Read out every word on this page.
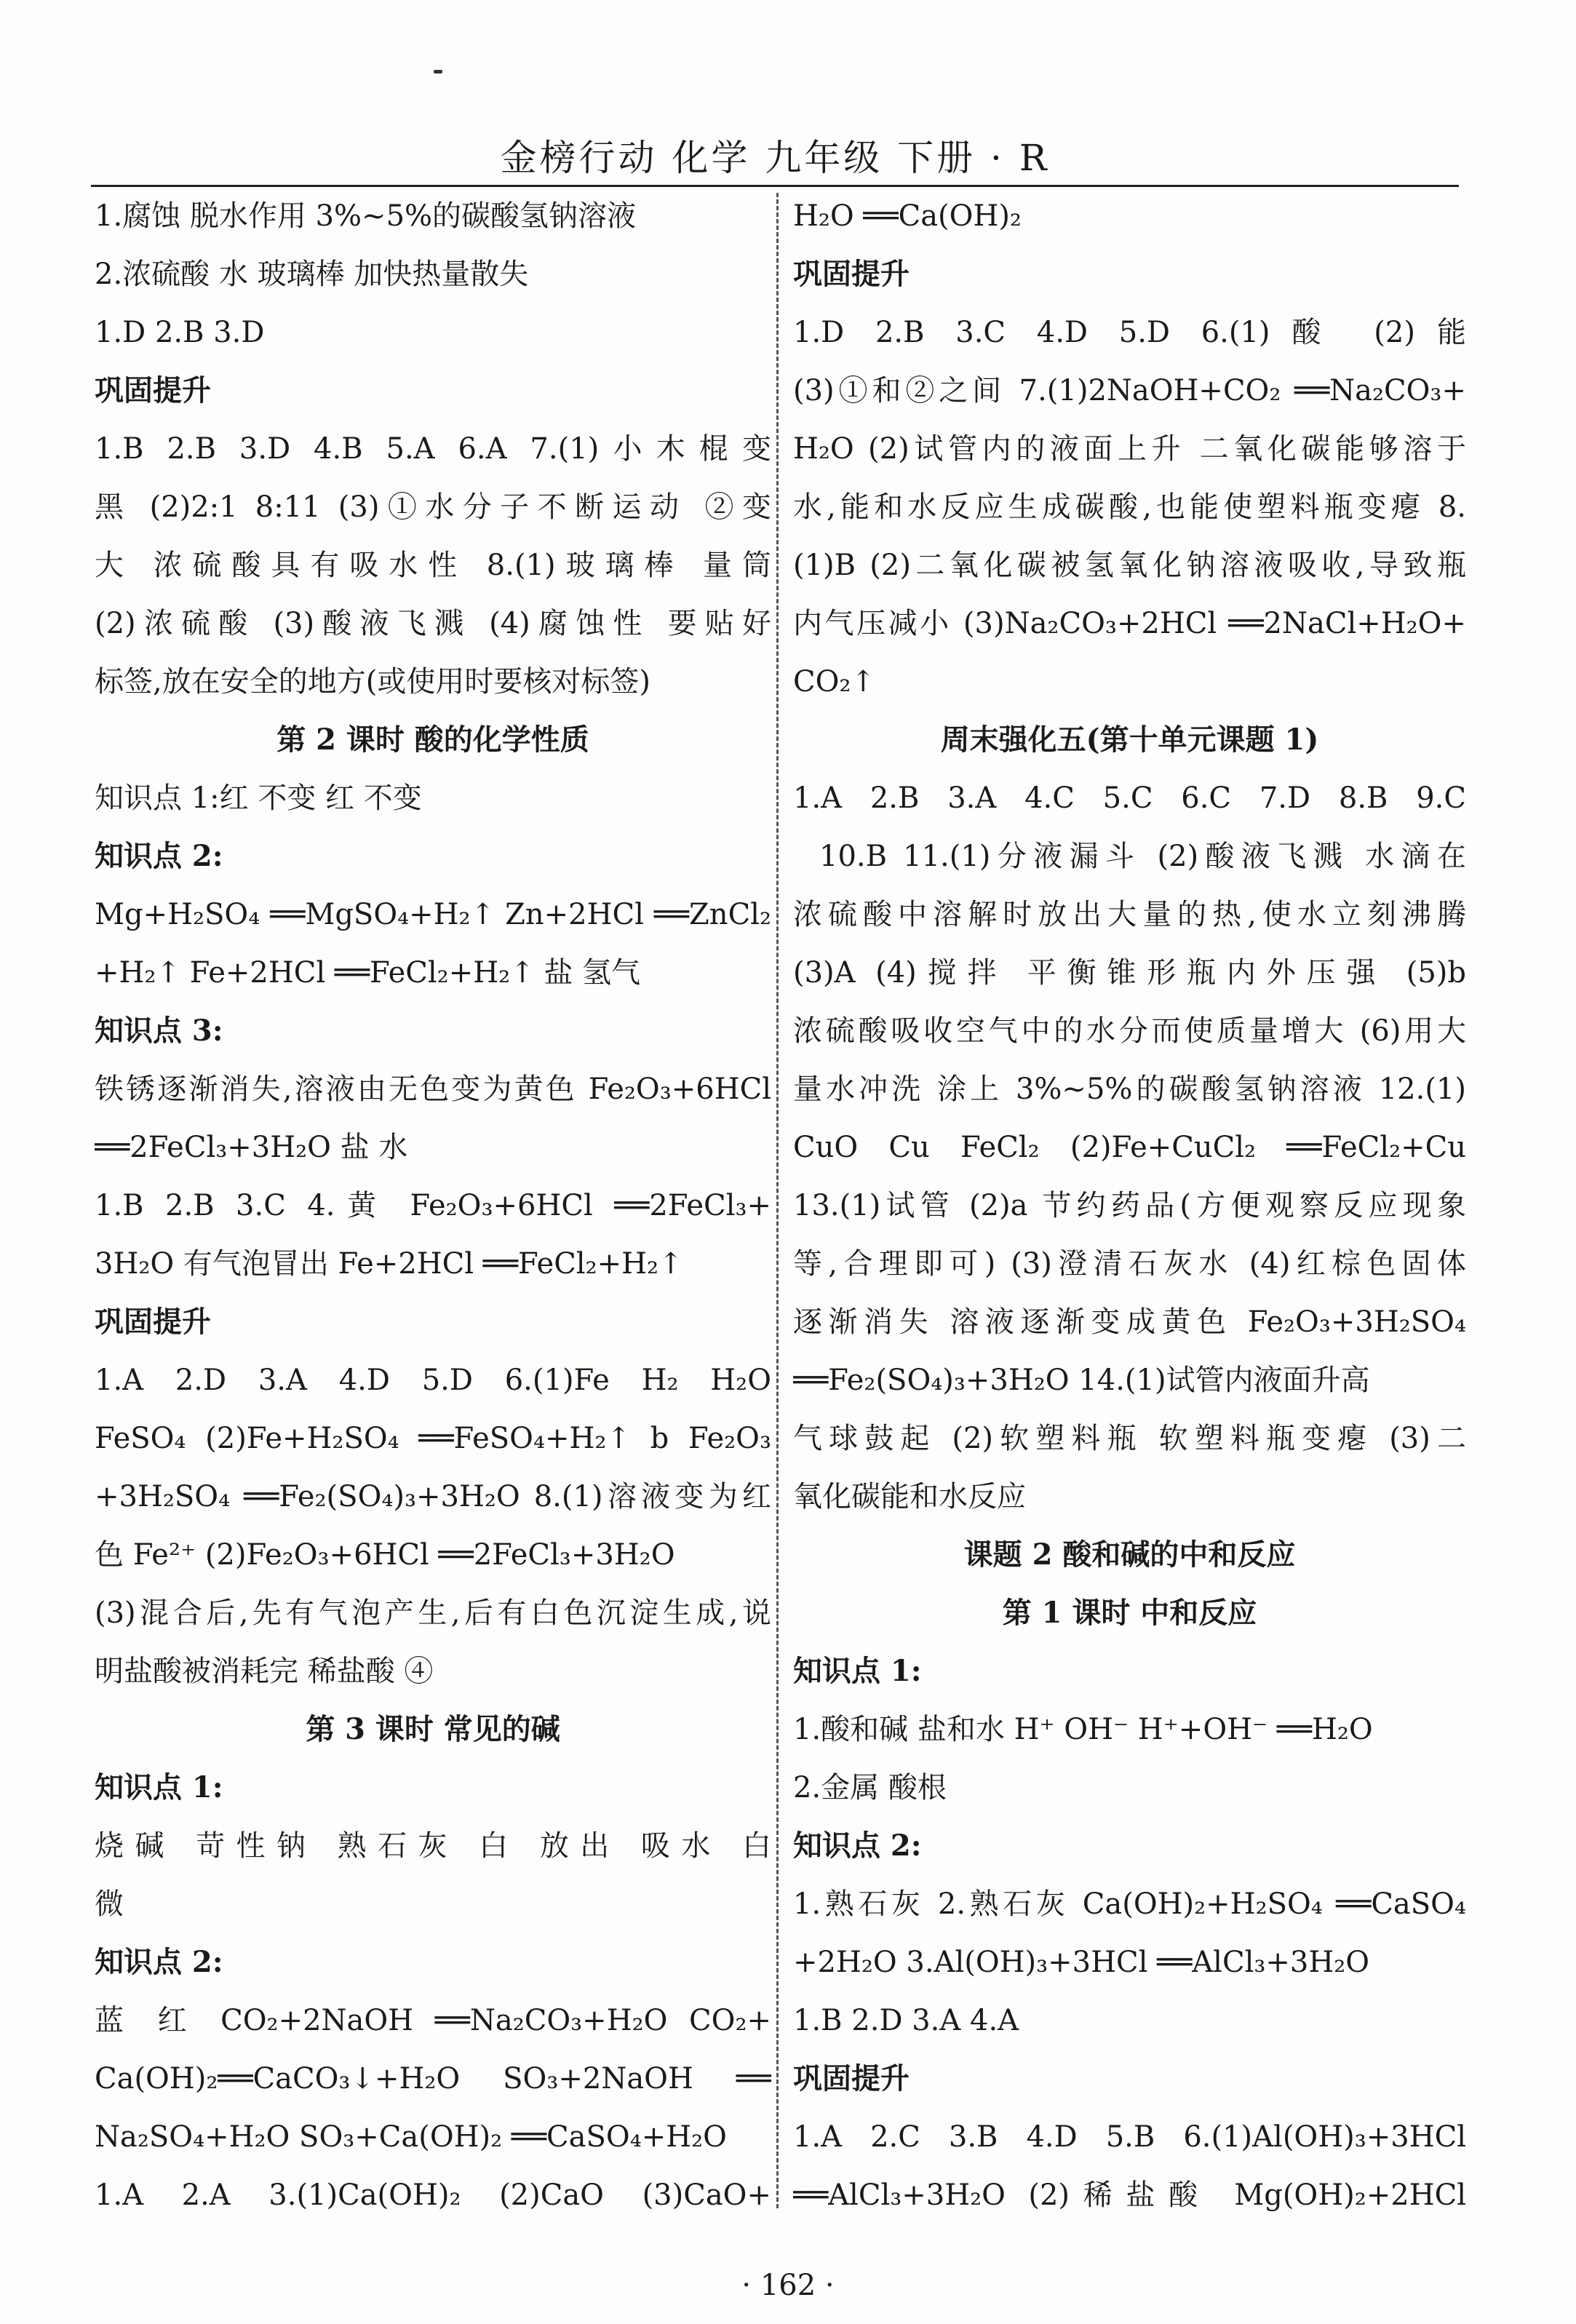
金榜行动 化学 九年级 下册 · R
1.腐蚀 脱水作用 3%~5%的碳酸氢钠溶液
2.浓硫酸 水 玻璃棒 加快热量散失
1.D 2.B 3.D
巩固提升
1.B 2.B 3.D 4.B 5.A 6.A 7.(1)小木棍变
黑 (2)2:1 8:11 (3)①水分子不断运动 ②变
大 浓硫酸具有吸水性 8.(1)玻璃棒 量筒
(2)浓硫酸 (3)酸液飞溅 (4)腐蚀性 要贴好
标签,放在安全的地方(或使用时要核对标签)
第 2 课时 酸的化学性质
知识点 1:红 不变 红 不变
知识点 2:
Mg+H₂SO₄ ══MgSO₄+H₂↑ Zn+2HCl ══ZnCl₂
+H₂↑ Fe+2HCl ══FeCl₂+H₂↑ 盐 氢气
知识点 3:
铁锈逐渐消失,溶液由无色变为黄色 Fe₂O₃+6HCl
══2FeCl₃+3H₂O 盐 水
1.B 2.B 3.C 4.黄 Fe₂O₃+6HCl ══2FeCl₃+
3H₂O 有气泡冒出 Fe+2HCl ══FeCl₂+H₂↑
巩固提升
1.A 2.D 3.A 4.D 5.D 6.(1)Fe H₂ H₂O
FeSO₄ (2)Fe+H₂SO₄ ══FeSO₄+H₂↑ b Fe₂O₃
+3H₂SO₄ ══Fe₂(SO₄)₃+3H₂O 8.(1)溶液变为红
色 Fe²⁺ (2)Fe₂O₃+6HCl ══2FeCl₃+3H₂O
(3)混合后,先有气泡产生,后有白色沉淀生成,说
明盐酸被消耗完 稀盐酸 ④
第 3 课时 常见的碱
知识点 1:
烧碱 苛性钠 熟石灰 白 放出 吸水 白
微
知识点 2:
蓝 红 CO₂+2NaOH ══Na₂CO₃+H₂O CO₂+
Ca(OH)₂══CaCO₃↓+H₂O SO₃+2NaOH ══
Na₂SO₄+H₂O SO₃+Ca(OH)₂ ══CaSO₄+H₂O
1.A 2.A 3.(1)Ca(OH)₂ (2)CaO (3)CaO+
H₂O ══Ca(OH)₂
巩固提升
1.D 2.B 3.C 4.D 5.D 6.(1)酸 (2)能
(3)①和②之间 7.(1)2NaOH+CO₂ ══Na₂CO₃+
H₂O (2)试管内的液面上升 二氧化碳能够溶于
水,能和水反应生成碳酸,也能使塑料瓶变瘪 8.
(1)B (2)二氧化碳被氢氧化钠溶液吸收,导致瓶
内气压减小 (3)Na₂CO₃+2HCl ══2NaCl+H₂O+
CO₂↑
周末强化五(第十单元课题 1)
1.A 2.B 3.A 4.C 5.C 6.C 7.D 8.B 9.C
10.B 11.(1)分液漏斗 (2)酸液飞溅 水滴在
浓硫酸中溶解时放出大量的热,使水立刻沸腾
(3)A (4)搅拌 平衡锥形瓶内外压强 (5)b
浓硫酸吸收空气中的水分而使质量增大 (6)用大
量水冲洗 涂上 3%~5%的碳酸氢钠溶液 12.(1)
CuO Cu FeCl₂ (2)Fe+CuCl₂ ══FeCl₂+Cu
13.(1)试管 (2)a 节约药品(方便观察反应现象
等,合理即可) (3)澄清石灰水 (4)红棕色固体
逐渐消失 溶液逐渐变成黄色 Fe₂O₃+3H₂SO₄
══Fe₂(SO₄)₃+3H₂O 14.(1)试管内液面升高
气球鼓起 (2)软塑料瓶 软塑料瓶变瘪 (3)二
氧化碳能和水反应
课题 2 酸和碱的中和反应
第 1 课时 中和反应
知识点 1:
1.酸和碱 盐和水 H⁺ OH⁻ H⁺+OH⁻ ══H₂O
2.金属 酸根
知识点 2:
1.熟石灰 2.熟石灰 Ca(OH)₂+H₂SO₄ ══CaSO₄
+2H₂O 3.Al(OH)₃+3HCl ══AlCl₃+3H₂O
1.B 2.D 3.A 4.A
巩固提升
1.A 2.C 3.B 4.D 5.B 6.(1)Al(OH)₃+3HCl
══AlCl₃+3H₂O (2)稀盐酸 Mg(OH)₂+2HCl
· 162 ·
